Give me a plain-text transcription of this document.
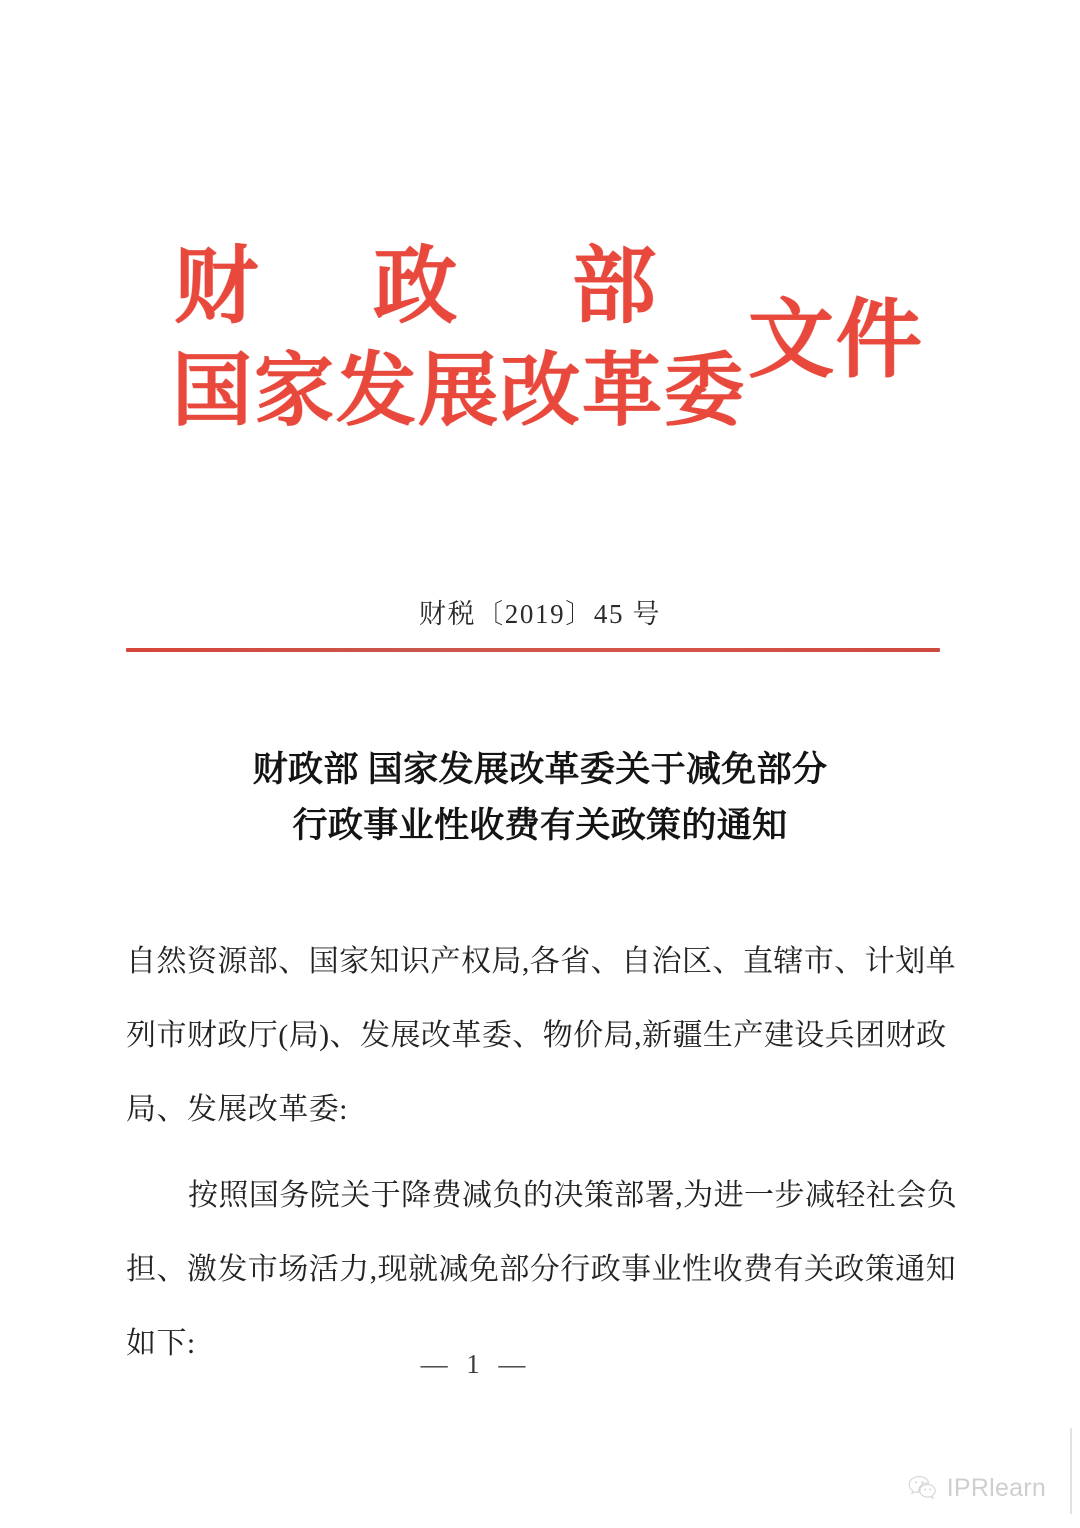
财 政 部
国家发展改革委
文件
财税〔2019〕45 号
财政部 国家发展改革委关于减免部分
行政事业性收费有关政策的通知
自然资源部、国家知识产权局,各省、自治区、直辖市、计划单
列市财政厅(局)、发展改革委、物价局,新疆生产建设兵团财政
局、发展改革委:
按照国务院关于降费减负的决策部署,为进一步减轻社会负
担、激发市场活力,现就减免部分行政事业性收费有关政策通知
如下:
— 1 —
IPRlearn
